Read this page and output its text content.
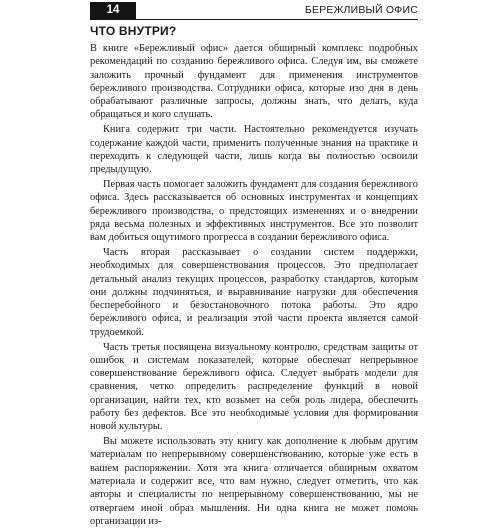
14	БЕРЕЖЛИВЫЙ ОФИС
ЧТО ВНУТРИ?

В книге «Бережливый офис» дается обширный комплекс подробных рекомендаций по созданию бережливого офиса. Следуя им, вы сможете заложить прочный фундамент для применения инструментов бережливого производства. Сотрудники офиса, которые изо дня в день обрабатывают различные запросы, должны знать, что делать, куда обращаться и кого слушать.

Книга содержит три части. Настоятельно рекомендуется изучать содержание каждой части, применить полученные знания на практике и переходить к следующей части, лишь когда вы полностью освоили предыдущую.

Первая часть помогает заложить фундамент для создания бережливого офиса. Здесь рассказывается об основных инструментах и концепциях бережливого производства, о предстоящих изменениях и о внедрении ряда весьма полезных и эффективных инструментов. Все это позволит вам добиться ощутимого прогресса в создании бережливого офиса.

Часть вторая рассказывает о создании систем поддержки, необходимых для совершенствования процессов. Это предполагает детальный анализ текущих процессов, разработку стандартов, которым они должны подчиняться, и выравнивание нагрузки для обеспечения бесперебойного и безостановочного потока работы. Это ядро бережливого офиса, и реализация этой части проекта является самой трудоемкой.

Часть третья посвящена визуальному контролю, средствам защиты от ошибок и системам показателей, которые обеспечат непрерывное совершенствование бережливого офиса. Следует выбрать модели для сравнения, четко определить распределение функций в новой организации, найти тех, кто возьмет на себя роль лидера, обеспечить работу без дефектов. Все это необходимые условия для формирования новой культуры.

Вы можете использовать эту книгу как дополнение к любым другим материалам по непрерывному совершенствованию, которые уже есть в вашем распоряжении. Хотя эта книга отличается обширным охватом материала и содержит все, что вам нужно, следует отметить, что как авторы и специалисты по непрерывному совершенствованию, мы не отвергаем иной образ мышления. Ни одна книга не может помочь организации из-
